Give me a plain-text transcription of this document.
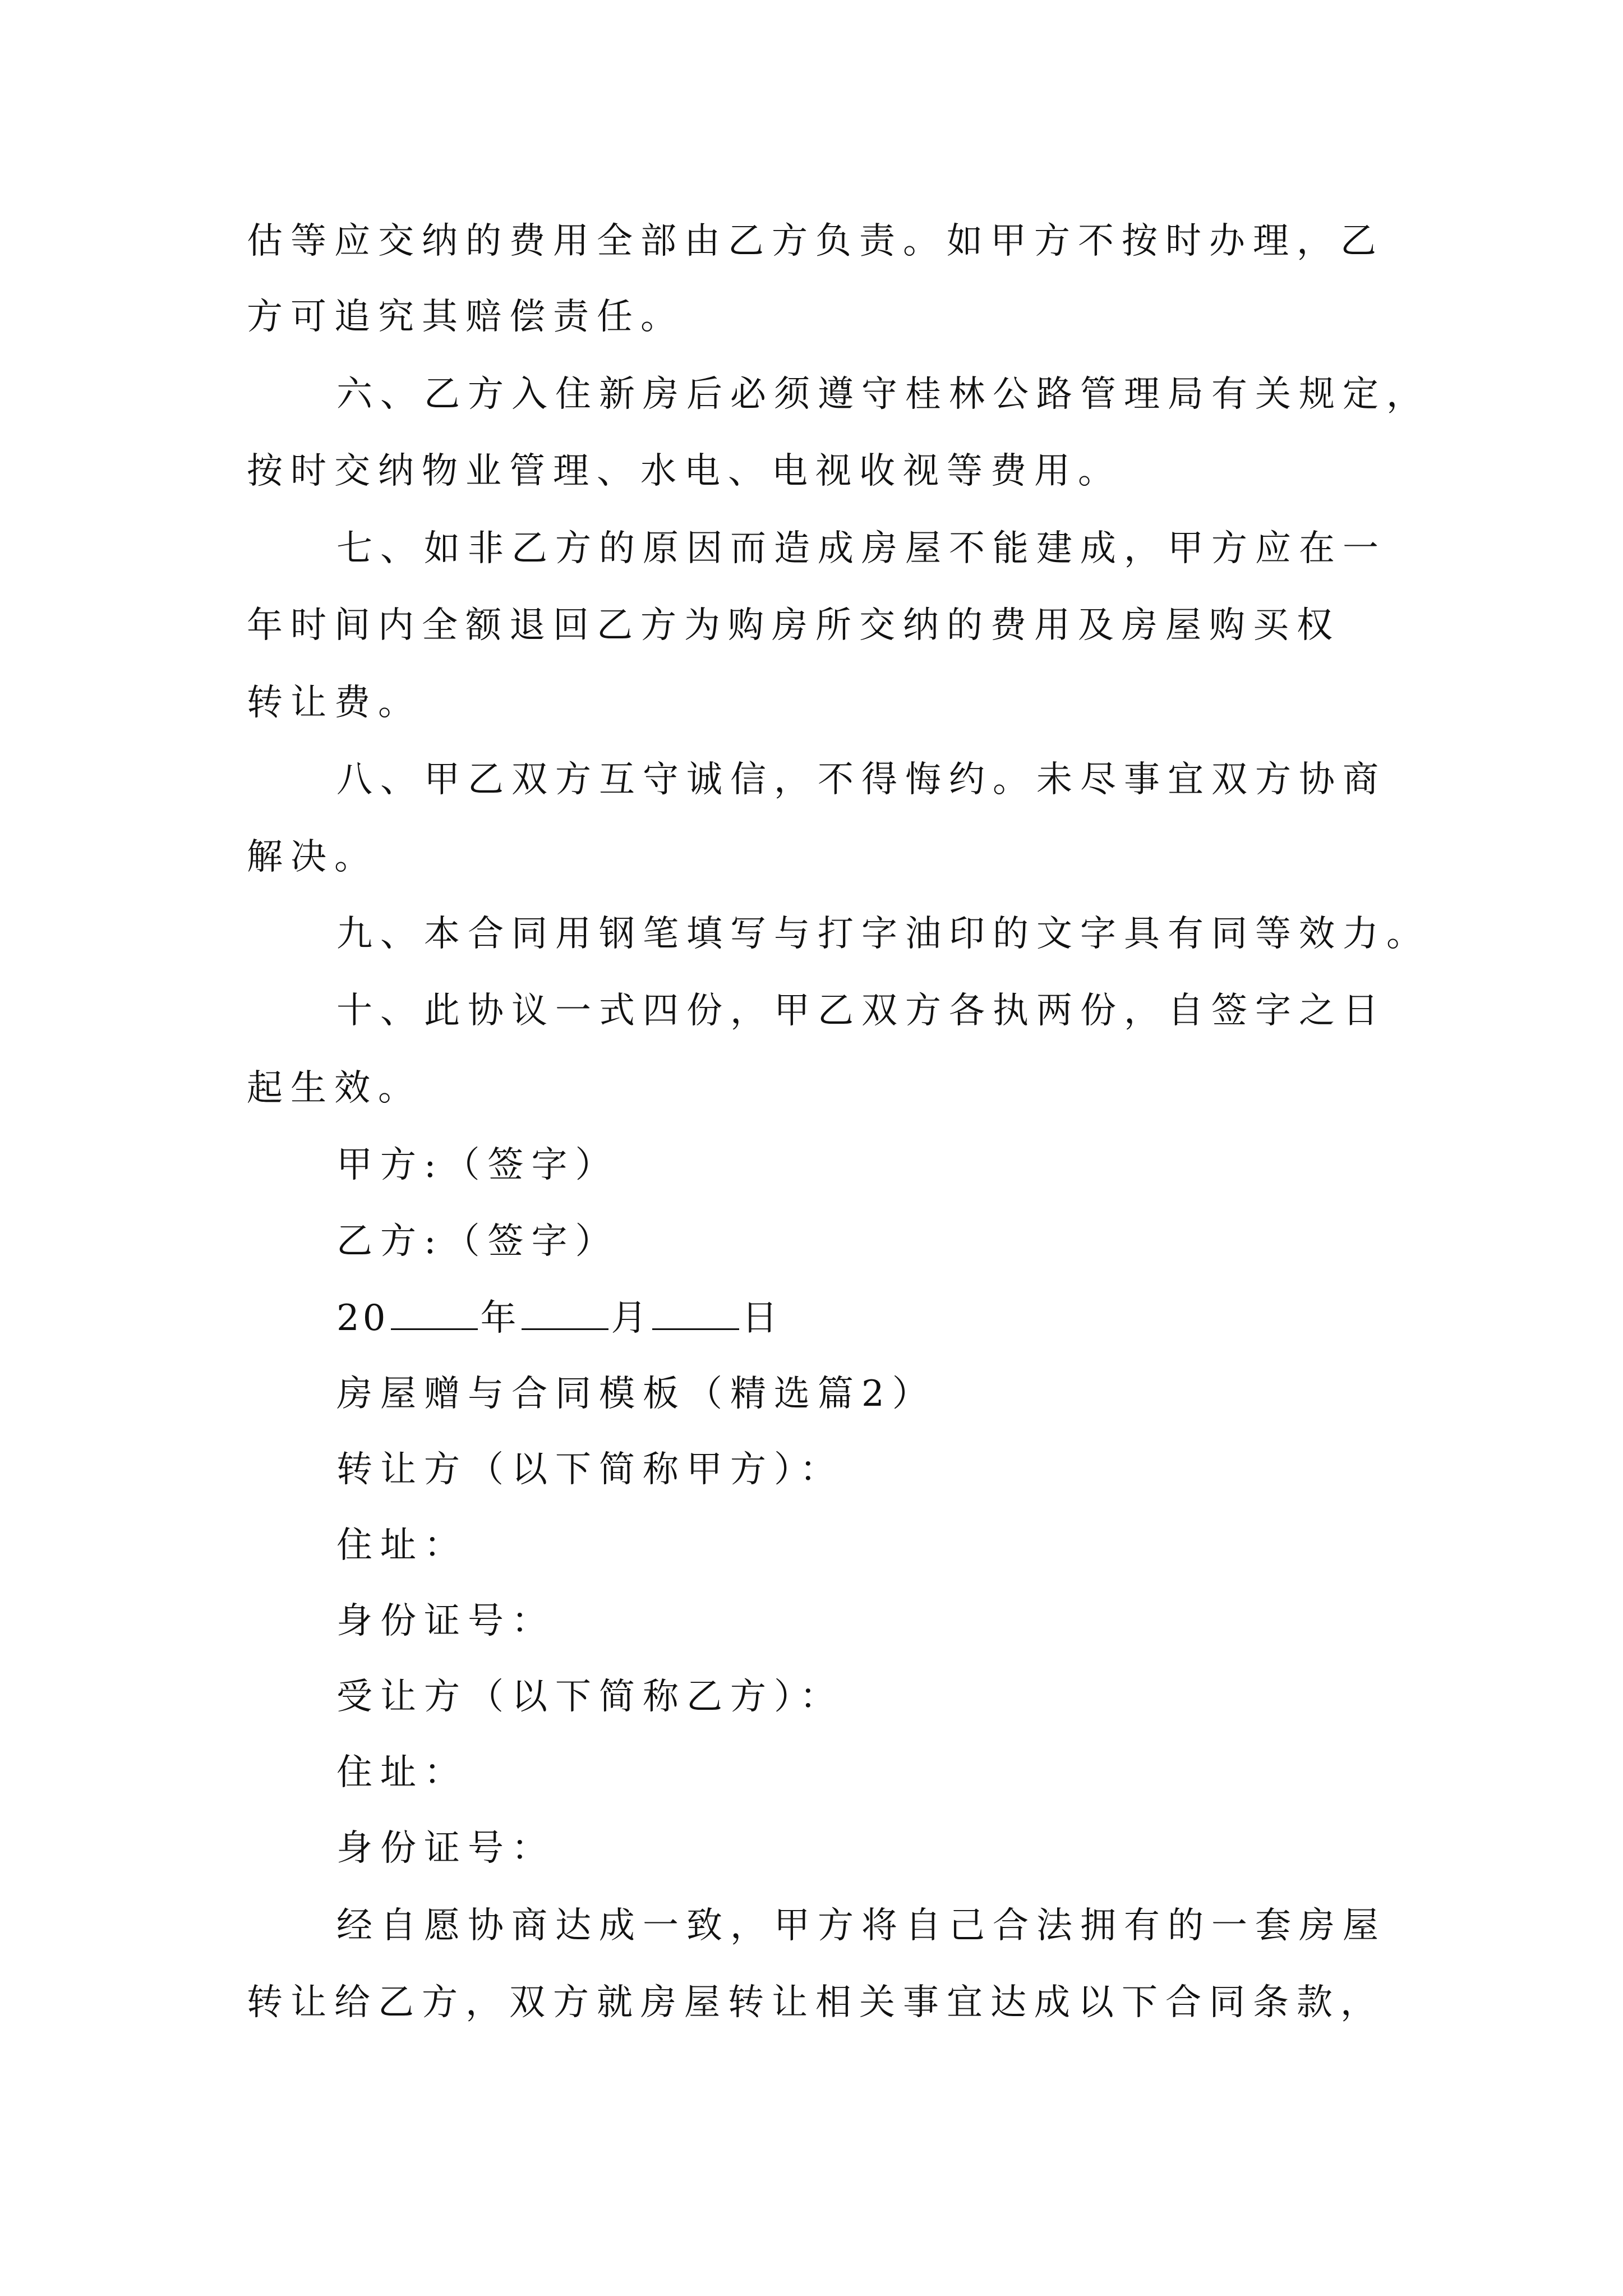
估等应交纳的费用全部由乙方负责。如甲方不按时办理，乙
方可追究其赔偿责任。
六、乙方入住新房后必须遵守桂林公路管理局有关规定，
按时交纳物业管理、水电、电视收视等费用。
七、如非乙方的原因而造成房屋不能建成，甲方应在一
年时间内全额退回乙方为购房所交纳的费用及房屋购买权
转让费。
八、甲乙双方互守诚信，不得悔约。未尽事宜双方协商
解决。
九、本合同用钢笔填写与打字油印的文字具有同等效力。
十、此协议一式四份，甲乙双方各执两份，自签字之日
起生效。
甲方:（签字）
乙方:（签字）
20	年	月	日
房屋赠与合同模板（精选篇2）
转让方（以下简称甲方）：
住址：
身份证号：
受让方（以下简称乙方）：
住址：
身份证号：
经自愿协商达成一致，甲方将自己合法拥有的一套房屋
转让给乙方，双方就房屋转让相关事宜达成以下合同条款，
